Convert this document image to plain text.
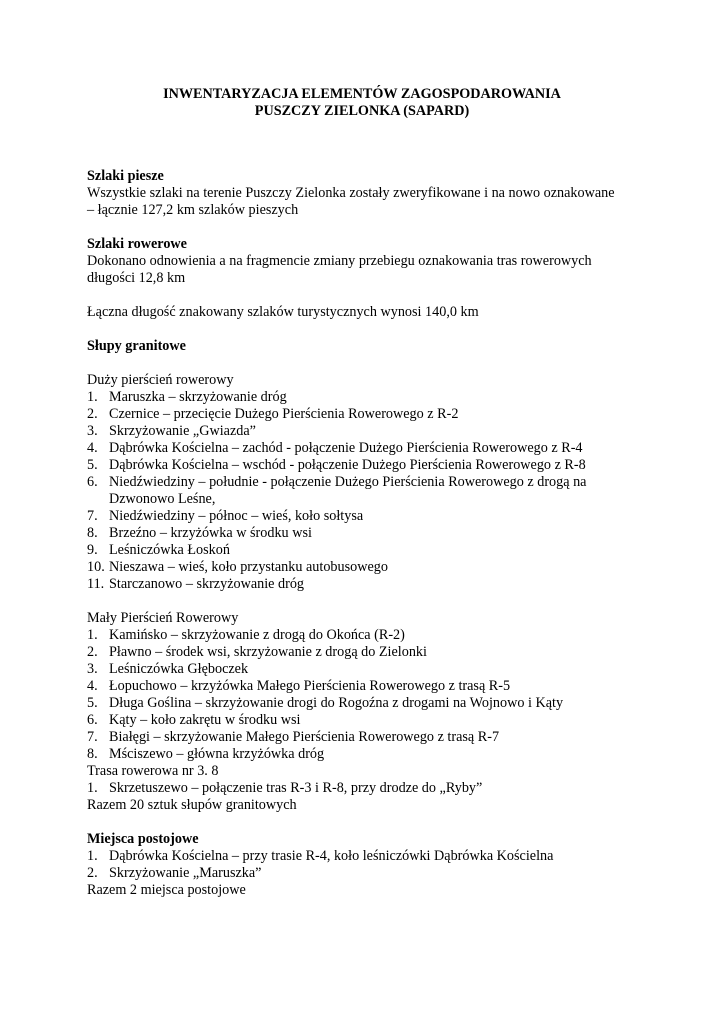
INWENTARYZACJA ELEMENTÓW ZAGOSPODAROWANIA
PUSZCZY ZIELONKA (SAPARD)
Szlaki piesze
Wszystkie szlaki na terenie Puszczy Zielonka zostały zweryfikowane i na nowo oznakowane
– łącznie 127,2 km szlaków pieszych
Szlaki rowerowe
Dokonano odnowienia a na fragmencie zmiany przebiegu oznakowania tras rowerowych
długości 12,8 km
Łączna długość znakowany szlaków turystycznych wynosi 140,0 km
Słupy granitowe
Duży pierścień rowerowy
1. Maruszka – skrzyżowanie dróg
2. Czernice – przecięcie Dużego Pierścienia Rowerowego z R-2
3. Skrzyżowanie „Gwiazda”
4. Dąbrówka Kościelna – zachód - połączenie Dużego Pierścienia Rowerowego z R-4
5. Dąbrówka Kościelna – wschód - połączenie Dużego Pierścienia Rowerowego z R-8
6. Niedźwiedziny – południe - połączenie Dużego Pierścienia Rowerowego z drogą na
Dzwonowo Leśne,
7. Niedźwiedziny – północ – wieś, koło sołtysa
8. Brzeźno – krzyżówka w środku wsi
9. Leśniczówka Łoskoń
10. Nieszawa – wieś, koło przystanku autobusowego
11. Starczanowo – skrzyżowanie dróg
Mały Pierścień Rowerowy
1. Kamińsko – skrzyżowanie z drogą do Okońca (R-2)
2. Pławno – środek wsi, skrzyżowanie z drogą do Zielonki
3. Leśniczówka Głęboczek
4. Łopuchowo – krzyżówka Małego Pierścienia Rowerowego z trasą R-5
5. Długa Goślina – skrzyżowanie drogi do Rogoźna z drogami na Wojnowo i Kąty
6. Kąty – koło zakrętu w środku wsi
7. Białęgi – skrzyżowanie Małego Pierścienia Rowerowego z trasą R-7
8. Mściszewo – główna krzyżówka dróg
Trasa rowerowa nr 3. 8
1. Skrzetuszewo – połączenie tras R-3 i R-8, przy drodze do „Ryby”
Razem 20 sztuk słupów granitowych
Miejsca postojowe
1. Dąbrówka Kościelna – przy trasie R-4, koło leśniczówki Dąbrówka Kościelna
2. Skrzyżowanie „Maruszka”
Razem 2 miejsca postojowe
